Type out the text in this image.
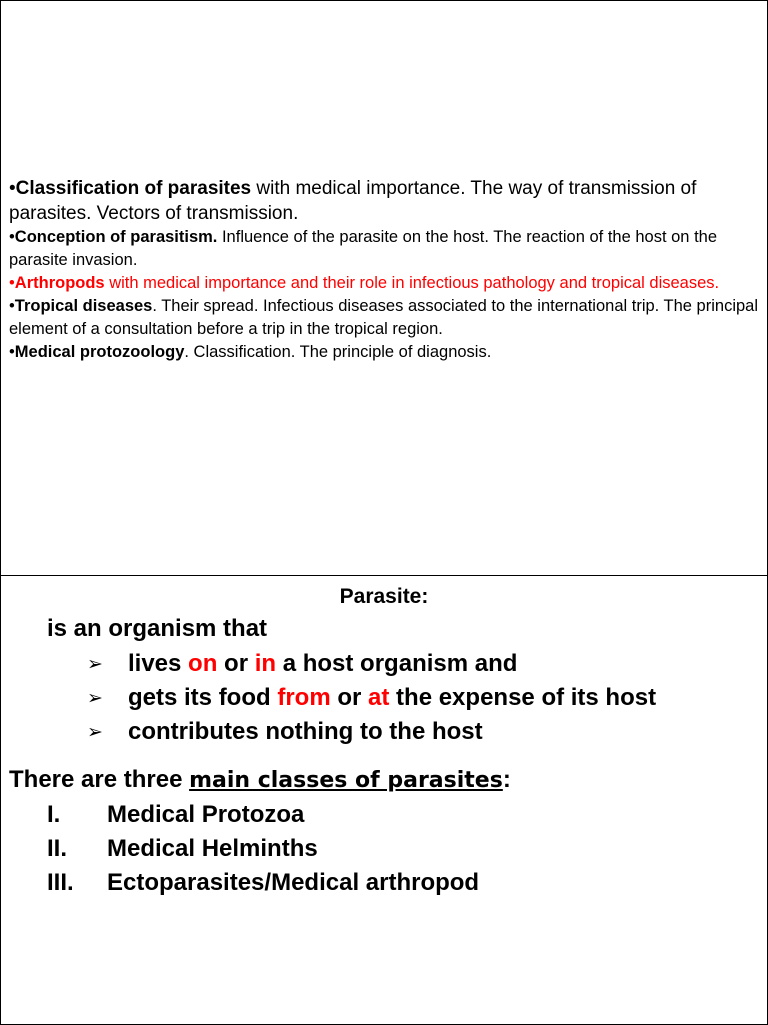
•Classification of parasites with medical importance. The way of transmission of parasites. Vectors of transmission.

•Conception of parasitism. Influence of the parasite on the host. The reaction of the host on the parasite invasion.

•Arthropods with medical importance and their role in infectious pathology and tropical diseases.

•Tropical diseases. Their spread. Infectious diseases associated to the international trip. The principal element of a consultation before a trip in the tropical region.

•Medical protozoology. Classification. The principle of diagnosis.

Parasite:
is an organism that
➢	lives on or in a host organism and
➢	gets its food from or at the expense of its host
➢	contributes nothing to the host
There are three main classes of parasites:
I.	Medical Protozoa
II.	Medical Helminths
III.	Ectoparasites/Medical arthropod
